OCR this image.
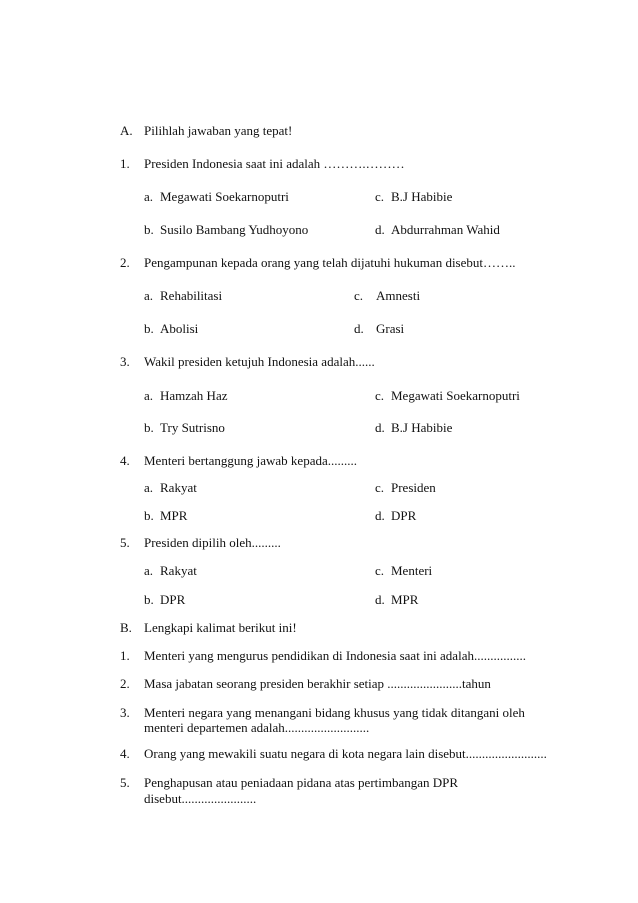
A. Pilihlah jawaban yang tepat!
1. Presiden Indonesia saat ini adalah ……….………
a. Megawati Soekarnoputri	c. B.J Habibie
b. Susilo Bambang Yudhoyono	d. Abdurrahman Wahid
2. Pengampunan kepada orang yang telah dijatuhi hukuman disebut……..
a. Rehabilitasi	c. Amnesti
b. Abolisi	d. Grasi
3. Wakil presiden ketujuh Indonesia adalah......
a. Hamzah Haz	c. Megawati Soekarnoputri
b. Try Sutrisno	d. B.J Habibie
4. Menteri bertanggung jawab kepada.........
a. Rakyat	c. Presiden
b. MPR	d. DPR
5. Presiden dipilih oleh.........
a. Rakyat	c. Menteri
b. DPR	d. MPR
B. Lengkapi kalimat berikut ini!
1. Menteri yang mengurus pendidikan di Indonesia saat ini adalah................
2. Masa jabatan seorang presiden berakhir setiap .......................tahun
3. Menteri negara yang menangani bidang khusus yang tidak ditangani oleh
menteri departemen adalah..........................
4. Orang yang mewakili suatu negara di kota negara lain disebut.........................
5. Penghapusan atau peniadaan pidana atas pertimbangan DPR
disebut.......................
